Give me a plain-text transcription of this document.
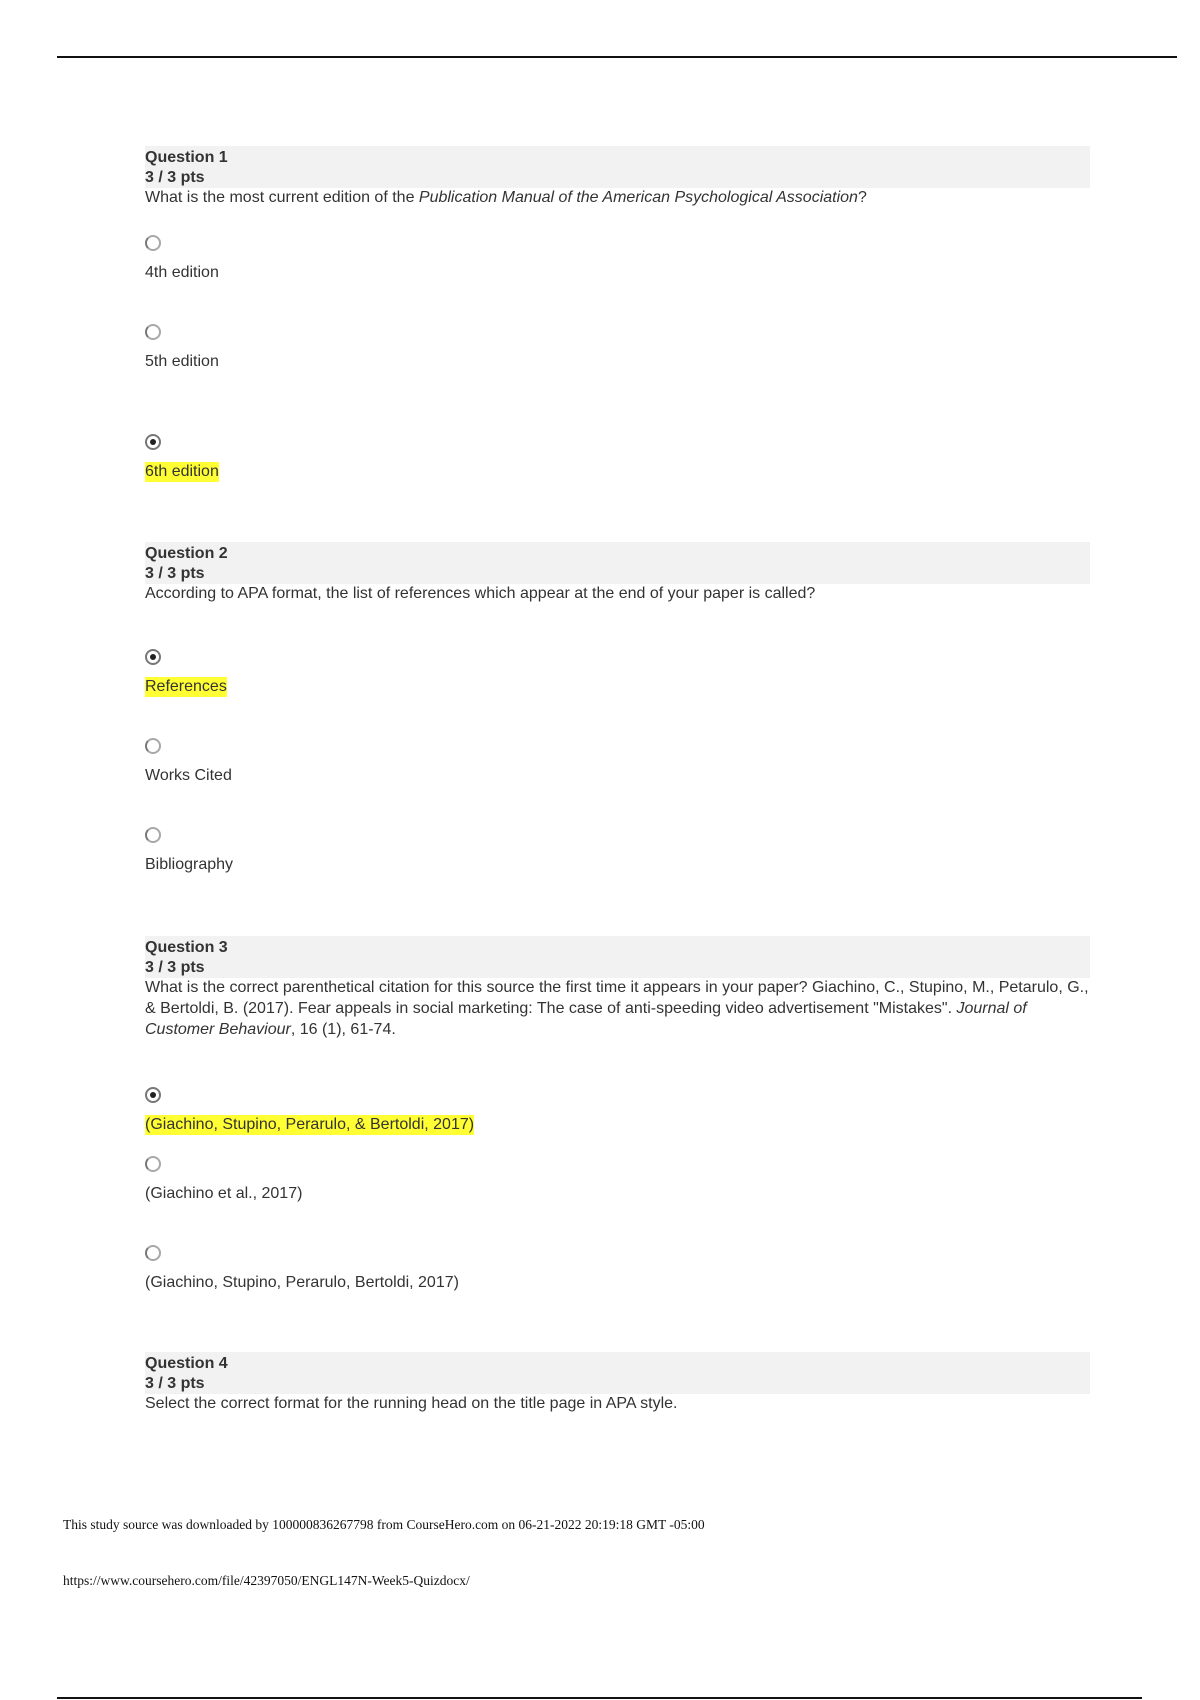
Question 1
3 / 3 pts
What is the most current edition of the Publication Manual of the American Psychological Association?
4th edition
5th edition
6th edition
Question 2
3 / 3 pts
According to APA format, the list of references which appear at the end of your paper is called?
References
Works Cited
Bibliography
Question 3
3 / 3 pts
What is the correct parenthetical citation for this source the first time it appears in your paper? Giachino, C., Stupino, M., Petarulo, G., & Bertoldi, B. (2017). Fear appeals in social marketing: The case of anti-speeding video advertisement "Mistakes". Journal of Customer Behaviour, 16 (1), 61-74.
(Giachino, Stupino, Perarulo, & Bertoldi, 2017)
(Giachino et al., 2017)
(Giachino, Stupino, Perarulo, Bertoldi, 2017)
Question 4
3 / 3 pts
Select the correct format for the running head on the title page in APA style.
This study source was downloaded by 100000836267798 from CourseHero.com on 06-21-2022 20:19:18 GMT -05:00
https://www.coursehero.com/file/42397050/ENGL147N-Week5-Quizdocx/
